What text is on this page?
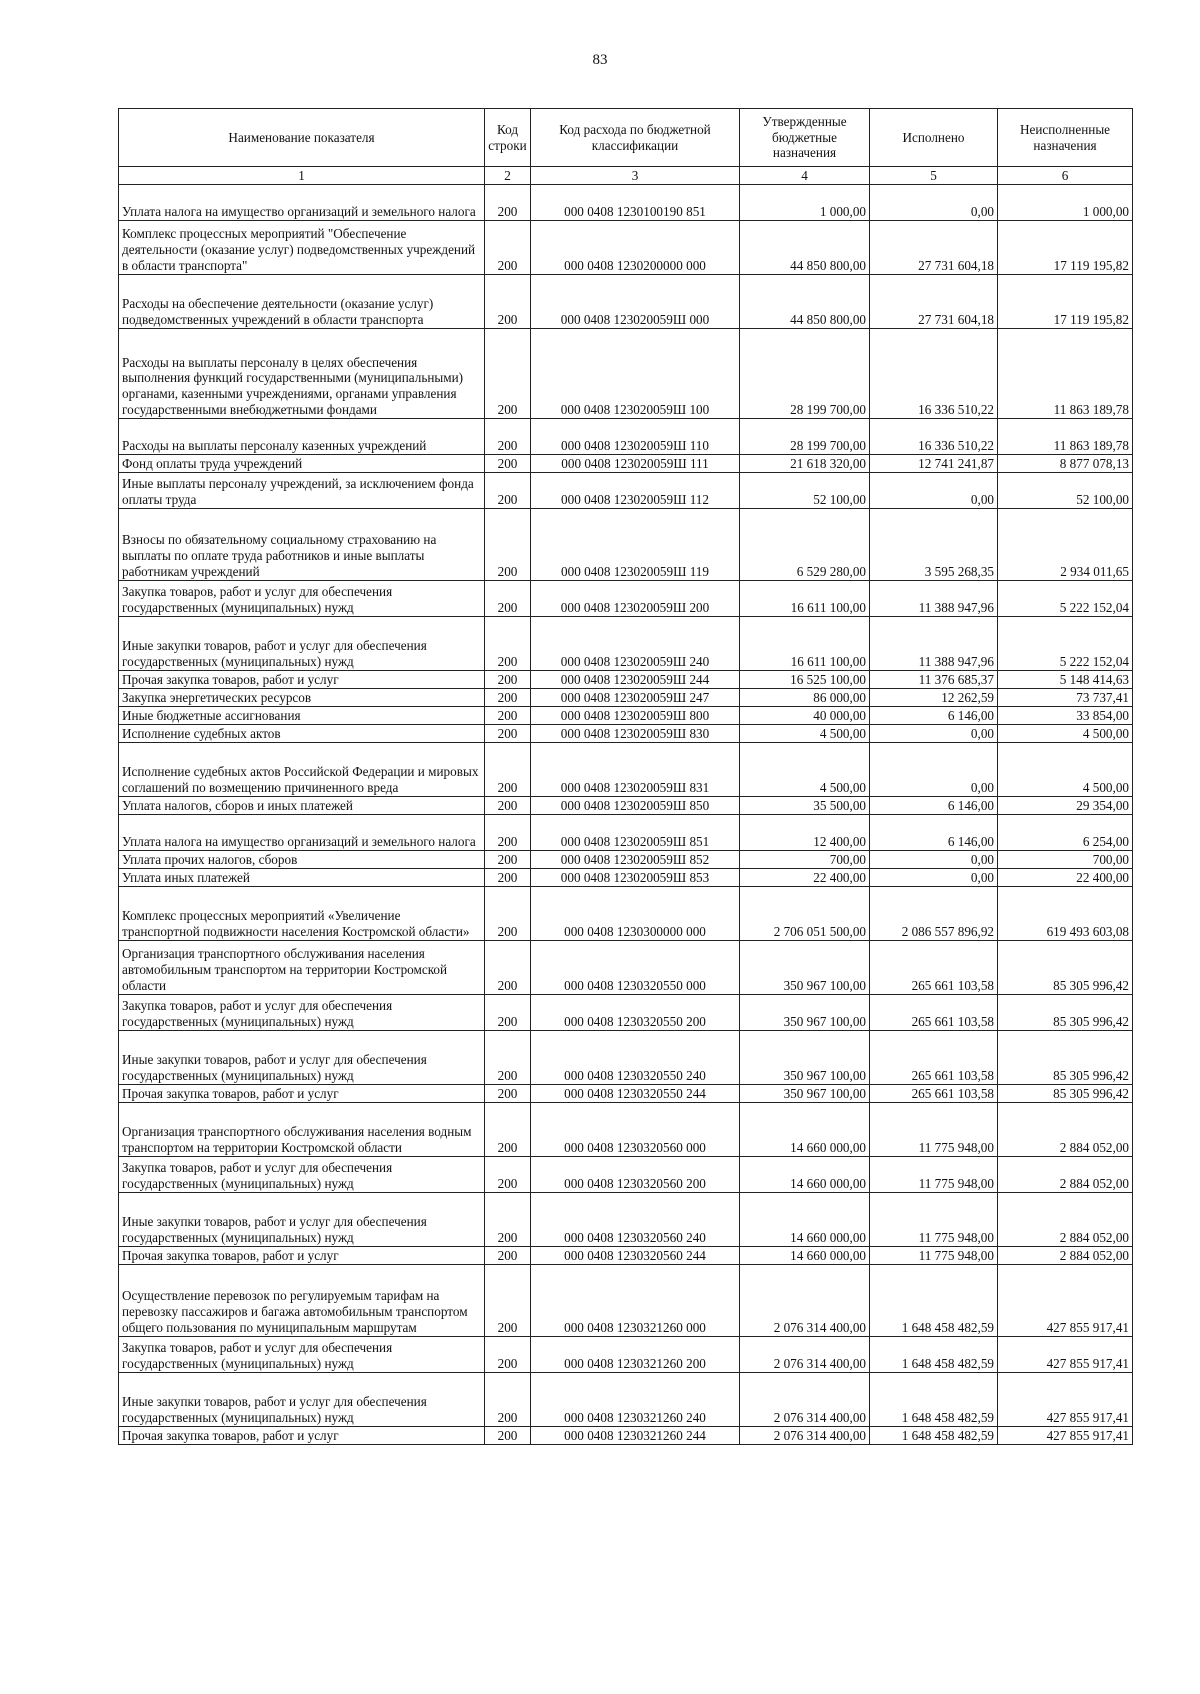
83
Наименование показателя	Код строки	Код расхода по бюджетной классификации	Утвержденные бюджетные назначения	Исполнено	Неисполненные назначения
1	2	3	4	5	6
Уплата налога на имущество организаций и земельного налога	200	000 0408 1230100190 851	1 000,00	0,00	1 000,00
Комплекс процессных мероприятий "Обеспечение деятельности (оказание услуг) подведомственных учреждений в области транспорта"	200	000 0408 1230200000 000	44 850 800,00	27 731 604,18	17 119 195,82
Расходы на обеспечение деятельности (оказание услуг) подведомственных учреждений в области транспорта	200	000 0408 123020059Ш 000	44 850 800,00	27 731 604,18	17 119 195,82
Расходы на выплаты персоналу в целях обеспечения выполнения функций государственными (муниципальными) органами, казенными учреждениями, органами управления государственными внебюджетными фондами	200	000 0408 123020059Ш 100	28 199 700,00	16 336 510,22	11 863 189,78
Расходы на выплаты персоналу казенных учреждений	200	000 0408 123020059Ш 110	28 199 700,00	16 336 510,22	11 863 189,78
Фонд оплаты труда учреждений	200	000 0408 123020059Ш 111	21 618 320,00	12 741 241,87	8 877 078,13
Иные выплаты персоналу учреждений, за исключением фонда оплаты труда	200	000 0408 123020059Ш 112	52 100,00	0,00	52 100,00
Взносы по обязательному социальному страхованию на выплаты по оплате труда работников и иные выплаты работникам учреждений	200	000 0408 123020059Ш 119	6 529 280,00	3 595 268,35	2 934 011,65
Закупка товаров, работ и услуг для обеспечения государственных (муниципальных) нужд	200	000 0408 123020059Ш 200	16 611 100,00	11 388 947,96	5 222 152,04
Иные закупки товаров, работ и услуг для обеспечения государственных (муниципальных) нужд	200	000 0408 123020059Ш 240	16 611 100,00	11 388 947,96	5 222 152,04
Прочая закупка товаров, работ и услуг	200	000 0408 123020059Ш 244	16 525 100,00	11 376 685,37	5 148 414,63
Закупка энергетических ресурсов	200	000 0408 123020059Ш 247	86 000,00	12 262,59	73 737,41
Иные бюджетные ассигнования	200	000 0408 123020059Ш 800	40 000,00	6 146,00	33 854,00
Исполнение судебных актов	200	000 0408 123020059Ш 830	4 500,00	0,00	4 500,00
Исполнение судебных актов Российской Федерации и мировых соглашений по возмещению причиненного вреда	200	000 0408 123020059Ш 831	4 500,00	0,00	4 500,00
Уплата налогов, сборов и иных платежей	200	000 0408 123020059Ш 850	35 500,00	6 146,00	29 354,00
Уплата налога на имущество организаций и земельного налога	200	000 0408 123020059Ш 851	12 400,00	6 146,00	6 254,00
Уплата прочих налогов, сборов	200	000 0408 123020059Ш 852	700,00	0,00	700,00
Уплата иных платежей	200	000 0408 123020059Ш 853	22 400,00	0,00	22 400,00
Комплекс процессных мероприятий «Увеличение транспортной подвижности населения Костромской области»	200	000 0408 1230300000 000	2 706 051 500,00	2 086 557 896,92	619 493 603,08
Организация транспортного обслуживания населения автомобильным транспортом на территории Костромской области	200	000 0408 1230320550 000	350 967 100,00	265 661 103,58	85 305 996,42
Закупка товаров, работ и услуг для обеспечения государственных (муниципальных) нужд	200	000 0408 1230320550 200	350 967 100,00	265 661 103,58	85 305 996,42
Иные закупки товаров, работ и услуг для обеспечения государственных (муниципальных) нужд	200	000 0408 1230320550 240	350 967 100,00	265 661 103,58	85 305 996,42
Прочая закупка товаров, работ и услуг	200	000 0408 1230320550 244	350 967 100,00	265 661 103,58	85 305 996,42
Организация транспортного обслуживания населения водным транспортом на территории Костромской области	200	000 0408 1230320560 000	14 660 000,00	11 775 948,00	2 884 052,00
Закупка товаров, работ и услуг для обеспечения государственных (муниципальных) нужд	200	000 0408 1230320560 200	14 660 000,00	11 775 948,00	2 884 052,00
Иные закупки товаров, работ и услуг для обеспечения государственных (муниципальных) нужд	200	000 0408 1230320560 240	14 660 000,00	11 775 948,00	2 884 052,00
Прочая закупка товаров, работ и услуг	200	000 0408 1230320560 244	14 660 000,00	11 775 948,00	2 884 052,00
Осуществление перевозок по регулируемым тарифам на перевозку пассажиров и багажа автомобильным транспортом общего пользования по муниципальным маршрутам	200	000 0408 1230321260 000	2 076 314 400,00	1 648 458 482,59	427 855 917,41
Закупка товаров, работ и услуг для обеспечения государственных (муниципальных) нужд	200	000 0408 1230321260 200	2 076 314 400,00	1 648 458 482,59	427 855 917,41
Иные закупки товаров, работ и услуг для обеспечения государственных (муниципальных) нужд	200	000 0408 1230321260 240	2 076 314 400,00	1 648 458 482,59	427 855 917,41
Прочая закупка товаров, работ и услуг	200	000 0408 1230321260 244	2 076 314 400,00	1 648 458 482,59	427 855 917,41
